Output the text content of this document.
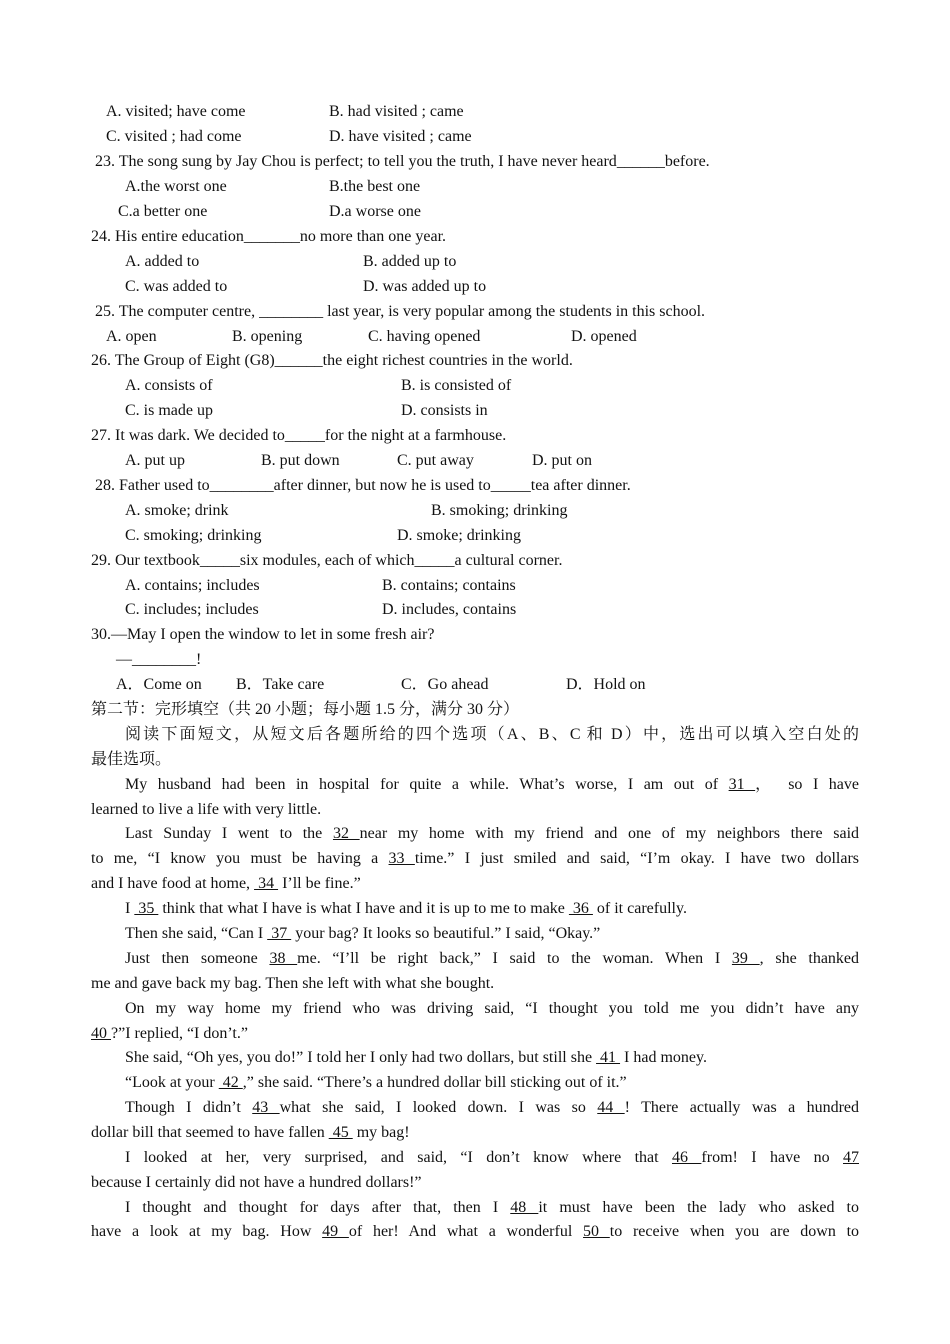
A. visited; have come	B. had visited ; came
C. visited ; had come	D. have visited ; came
23. The song sung by Jay Chou is perfect; to tell you the truth, I have never heard______before.
A.the worst one	B.the best one
C.a better one	D.a worse one
24. His entire education_______no more than one year.
A. added to	B. added up to
C. was added to	D. was added up to
25. The computer centre, ________ last year, is very popular among the students in this school.
A. open	B. opening	C. having opened	D. opened
26. The Group of Eight (G8)______the eight richest countries in the world.
A. consists of	B. is consisted of
C. is made up	D. consists in
27. It was dark. We decided to_____for the night at a farmhouse.
A. put up	B. put down	C. put away	D. put on
28. Father used to________after dinner, but now he is used to_____tea after dinner.
A. smoke; drink	B. smoking; drinking
C. smoking; drinking	D. smoke; drinking
29. Our textbook_____six modules, each of which_____a cultural corner.
A. contains; includes	B. contains; contains
C. includes; includes	D. includes, contains
30.—May I open the window to let in some fresh air?
—________!
A．Come on B．Take care	C．Go ahead	D．Hold on
第二节：完形填空（共 20 小题；每小题 1.5 分，满分 30 分）
阅读下面短文，从短文后各题所给的四个选项（A、B、C 和 D）中，选出可以填入空白处的
最佳选项。
My husband had been in hospital for quite a while. What’s worse, I am out of 31 ， so I have
learned to live a life with very little.
Last Sunday I went to the 32 near my home with my friend and one of my neighbors there said
to me, “I know you must be having a 33 time.” I just smiled and said, “I’m okay. I have two dollars
and I have food at home,  34  I’ll be fine.”
I  35  think that what I have is what I have and it is up to me to make  36  of it carefully.
Then she said, “Can I  37  your bag? It looks so beautiful.” I said, “Okay.”
Just then someone 38 me. “I’ll be right back,” I said to the woman. When I 39 , she thanked
me and gave back my bag. Then she left with what she bought.
On my way home my friend who was driving said, “I thought you told me you didn’t have any
40 ?”I replied, “I don’t.”
She said, “Oh yes, you do!” I told her I only had two dollars, but still she  41  I had money.
“Look at your  42 ,” she said. “There’s a hundred dollar bill sticking out of it.”
Though I didn’t 43 what she said, I looked down. I was so 44 ! There actually was a hundred
dollar bill that seemed to have fallen  45  my bag!
I looked at her, very surprised, and said, “I don’t know where that 46 from! I have no 47
because I certainly did not have a hundred dollars!”
I thought and thought for days after that, then I 48 it must have been the lady who asked to
have a look at my bag. How 49 of her! And what a wonderful 50 to receive when you are down to
